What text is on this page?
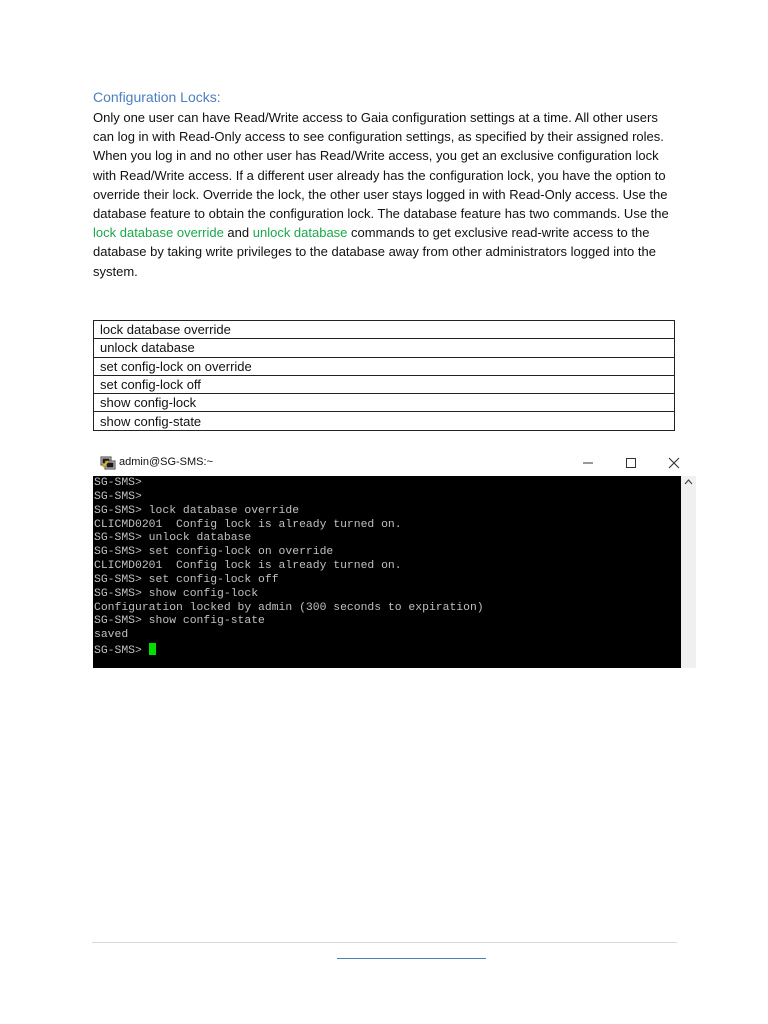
Configuration Locks:
Only one user can have Read/Write access to Gaia configuration settings at a time. All other users can log in with Read-Only access to see configuration settings, as specified by their assigned roles. When you log in and no other user has Read/Write access, you get an exclusive configuration lock with Read/Write access. If a different user already has the configuration lock, you have the option to override their lock. Override the lock, the other user stays logged in with Read-Only access. Use the database feature to obtain the configuration lock. The database feature has two commands. Use the lock database override and unlock database commands to get exclusive read-write access to the database by taking write privileges to the database away from other administrators logged into the system.
lock database override
unlock database
set config-lock on override
set config-lock off
show config-lock
show config-state
admin@SG-SMS:~
SG-SMS>
SG-SMS>
SG-SMS> lock database override
CLICMD0201  Config lock is already turned on.
SG-SMS> unlock database
SG-SMS> set config-lock on override
CLICMD0201  Config lock is already turned on.
SG-SMS> set config-lock off
SG-SMS> show config-lock
Configuration locked by admin (300 seconds to expiration)
SG-SMS> show config-state
saved
SG-SMS>
